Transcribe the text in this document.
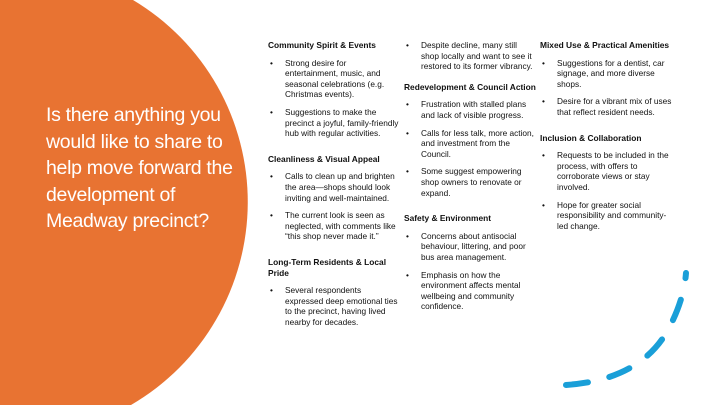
Is there anything you would like to share to help move forward the development of Meadway precinct?
Community Spirit & Events
• Strong desire for entertainment, music, and seasonal celebrations (e.g. Christmas events).
• Suggestions to make the precinct a joyful, family-friendly hub with regular activities.
Cleanliness & Visual Appeal
• Calls to clean up and brighten the area—shops should look inviting and well-maintained.
• The current look is seen as neglected, with comments like “this shop never made it.”
Long-Term Residents & Local Pride
• Several respondents expressed deep emotional ties to the precinct, having lived nearby for decades.
• Despite decline, many still shop locally and want to see it restored to its former vibrancy.
Redevelopment & Council Action
• Frustration with stalled plans and lack of visible progress.
• Calls for less talk, more action, and investment from the Council.
• Some suggest empowering shop owners to renovate or expand.
Safety & Environment
• Concerns about antisocial behaviour, littering, and poor bus area management.
• Emphasis on how the environment affects mental wellbeing and community confidence.
Mixed Use & Practical Amenities
• Suggestions for a dentist, car signage, and more diverse shops.
• Desire for a vibrant mix of uses that reflect resident needs.
Inclusion & Collaboration
• Requests to be included in the process, with offers to corroborate views or stay involved.
• Hope for greater social responsibility and community-led change.
